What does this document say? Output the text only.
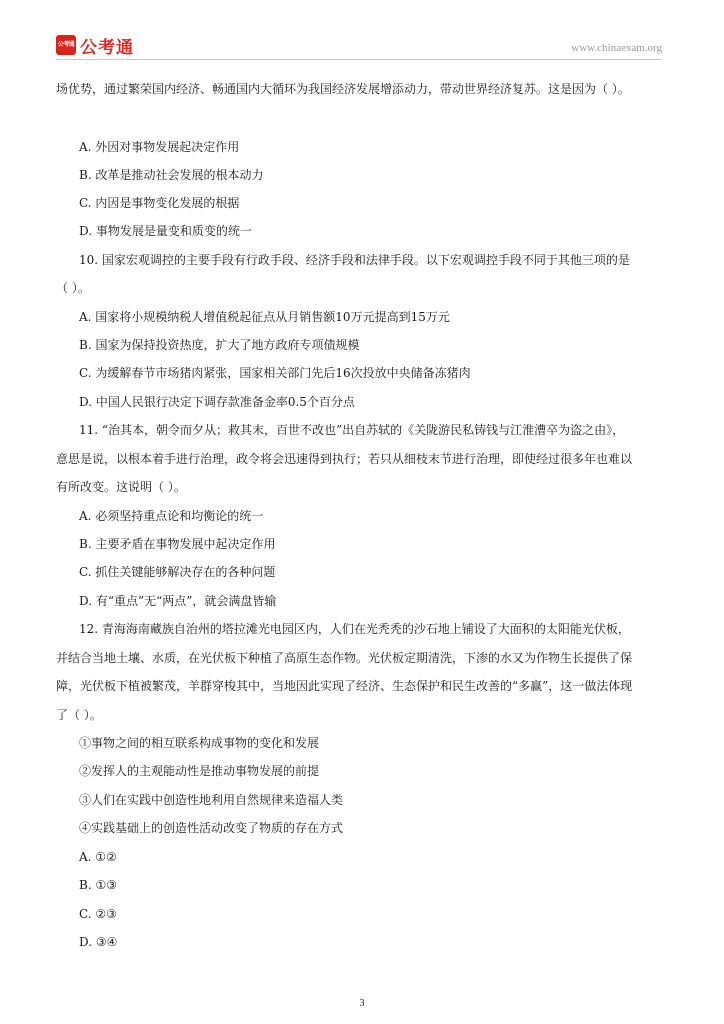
公考通 公考通	www.chinaexam.org
场优势，通过繁荣国内经济、畅通国内大循环为我国经济发展增添动力，带动世界经济复苏。这是因为（ ）。
A. 外因对事物发展起决定作用
B. 改革是推动社会发展的根本动力
C. 内因是事物变化发展的根据
D. 事物发展是量变和质变的统一
10. 国家宏观调控的主要手段有行政手段、经济手段和法律手段。以下宏观调控手段不同于其他三项的是
（ ）。
A. 国家将小规模纳税人增值税起征点从月销售额10万元提高到15万元
B. 国家为保持投资热度，扩大了地方政府专项债规模
C. 为缓解春节市场猪肉紧张，国家相关部门先后16次投放中央储备冻猪肉
D. 中国人民银行决定下调存款准备金率0.5个百分点
11. “治其本，朝令而夕从；救其末，百世不改也”出自苏轼的《关陇游民私铸钱与江淮漕卒为盗之由》，
意思是说，以根本着手进行治理，政令将会迅速得到执行；若只从细枝末节进行治理，即使经过很多年也难以
有所改变。这说明（ ）。
A. 必须坚持重点论和均衡论的统一
B. 主要矛盾在事物发展中起决定作用
C. 抓住关键能够解决存在的各种问题
D. 有“重点”无“两点”，就会满盘皆输
12. 青海海南藏族自治州的塔拉滩光电园区内，人们在光秃秃的沙石地上铺设了大面积的太阳能光伏板，
并结合当地土壤、水质，在光伏板下种植了高原生态作物。光伏板定期清洗，下渗的水又为作物生长提供了保
障，光伏板下植被繁茂，羊群穿梭其中，当地因此实现了经济、生态保护和民生改善的“多赢”，这一做法体现
了（ ）。
①事物之间的相互联系构成事物的变化和发展
②发挥人的主观能动性是推动事物发展的前提
③人们在实践中创造性地利用自然规律来造福人类
④实践基础上的创造性活动改变了物质的存在方式
A. ①②
B. ①③
C. ②③
D. ③④
3
